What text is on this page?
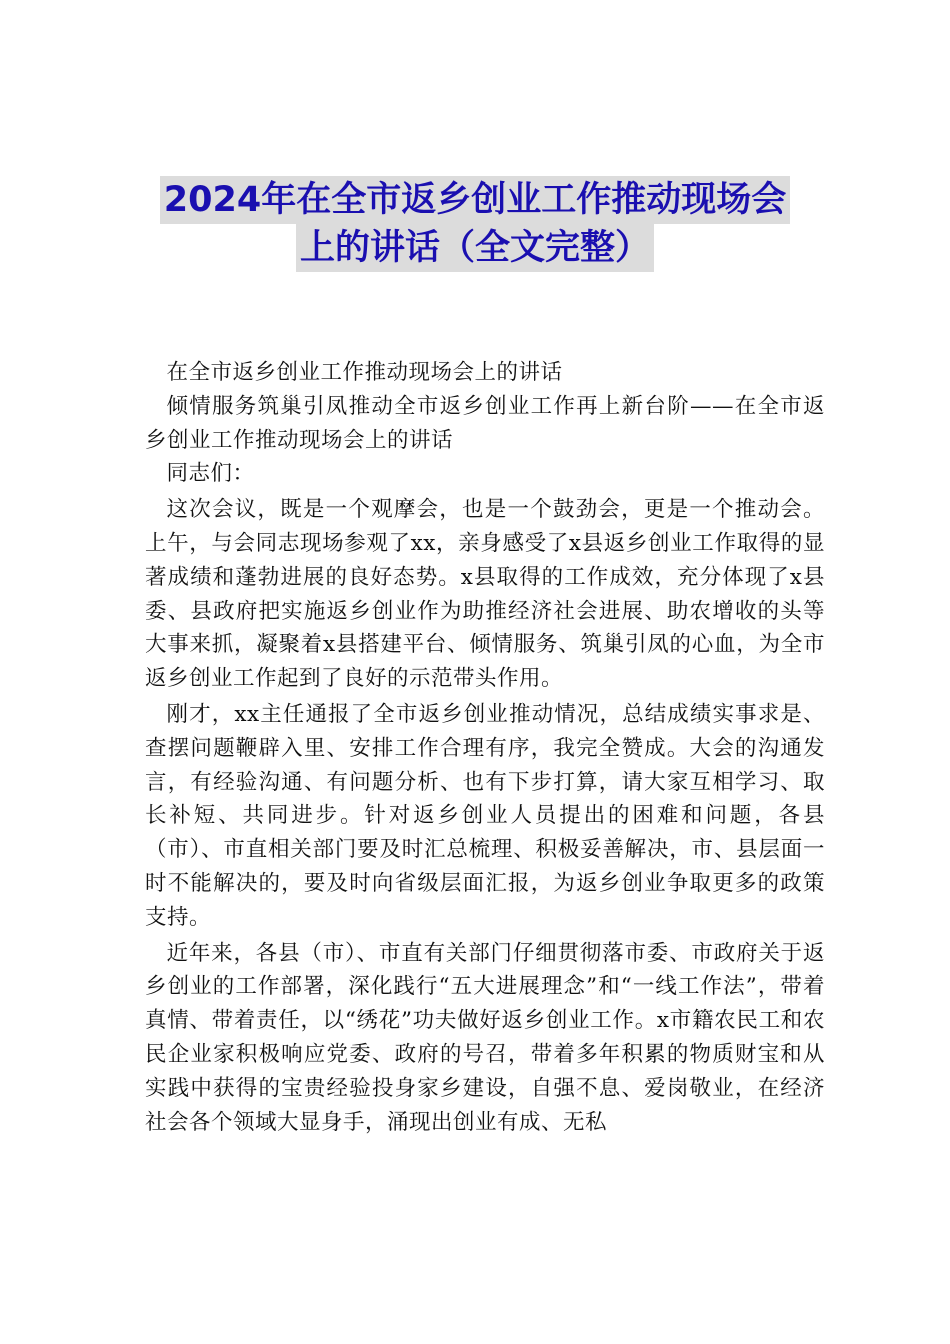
2024年在全市返乡创业工作推动现场会
上的讲话（全文完整）

在全市返乡创业工作推动现场会上的讲话

倾情服务筑巢引凤推动全市返乡创业工作再上新台阶——在全市返乡创业工作推动现场会上的讲话

同志们：

这次会议，既是一个观摩会，也是一个鼓劲会，更是一个推动会。上午，与会同志现场参观了xx，亲身感受了x县返乡创业工作取得的显著成绩和蓬勃进展的良好态势。x县取得的工作成效，充分体现了x县委、县政府把实施返乡创业作为助推经济社会进展、助农增收的头等大事来抓，凝聚着x县搭建平台、倾情服务、筑巢引凤的心血，为全市返乡创业工作起到了良好的示范带头作用。

刚才，xx主任通报了全市返乡创业推动情况，总结成绩实事求是、查摆问题鞭辟入里、安排工作合理有序，我完全赞成。大会的沟通发言，有经验沟通、有问题分析、也有下步打算，请大家互相学习、取长补短、共同进步。针对返乡创业人员提出的困难和问题，各县（市）、市直相关部门要及时汇总梳理、积极妥善解决，市、县层面一时不能解决的，要及时向省级层面汇报，为返乡创业争取更多的政策支持。

近年来，各县（市）、市直有关部门仔细贯彻落市委、市政府关于返乡创业的工作部署，深化践行“五大进展理念”和“一线工作法”，带着真情、带着责任，以“绣花”功夫做好返乡创业工作。x市籍农民工和农民企业家积极响应党委、政府的号召，带着多年积累的物质财宝和从实践中获得的宝贵经验投身家乡建设，自强不息、爱岗敬业，在经济社会各个领域大显身手，涌现出创业有成、无私
